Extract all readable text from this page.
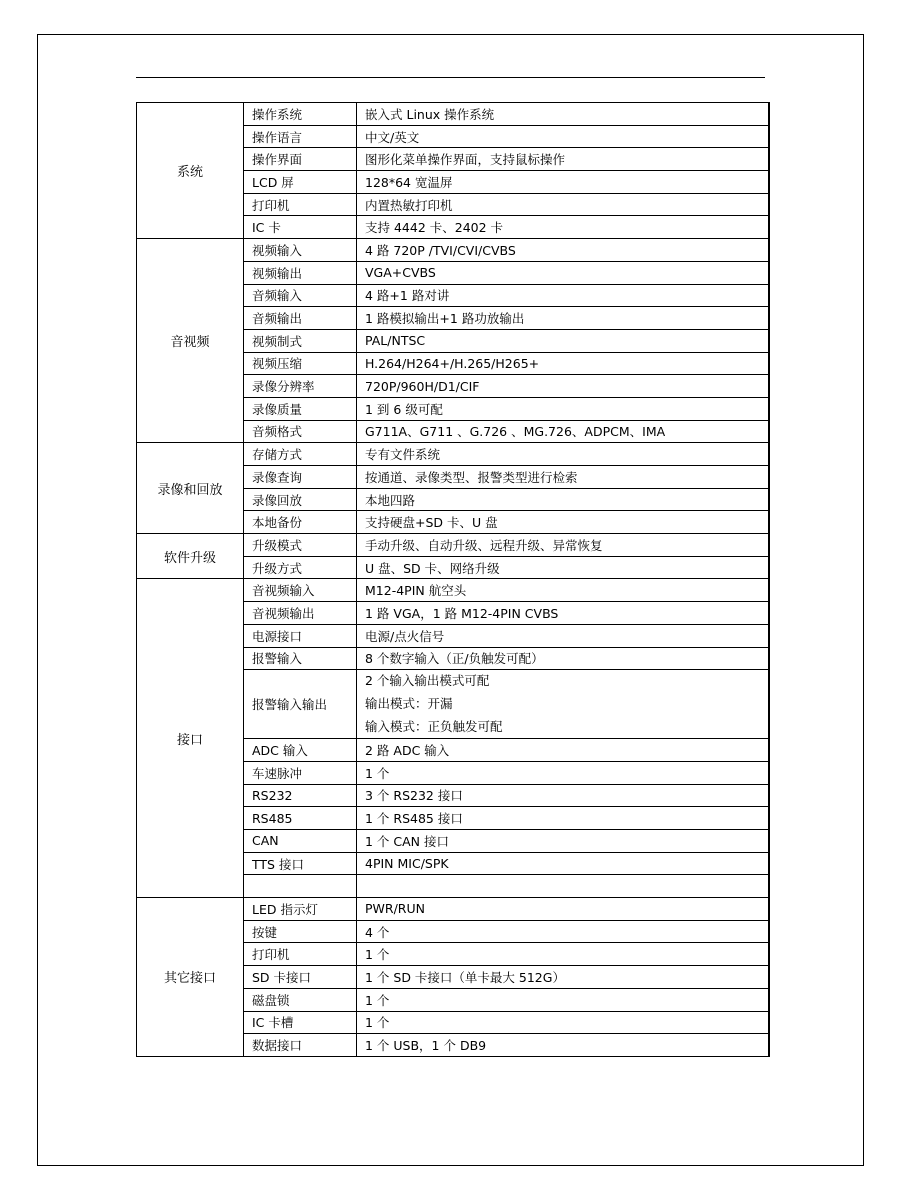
系统	操作系统	嵌入式 Linux 操作系统
	操作语言	中文/英文
	操作界面	图形化菜单操作界面，支持鼠标操作
	LCD 屏	128*64 宽温屏
	打印机	内置热敏打印机
	IC 卡	支持 4442 卡、2402 卡
音视频	视频输入	4 路 720P /TVI/CVI/CVBS
	视频输出	VGA+CVBS
	音频输入	4 路+1 路对讲
	音频输出	1 路模拟输出+1 路功放输出
	视频制式	PAL/NTSC
	视频压缩	H.264/H264+/H.265/H265+
	录像分辨率	720P/960H/D1/CIF
	录像质量	1 到 6 级可配
	音频格式	G711A、G711 、G.726 、MG.726、ADPCM、IMA
录像和回放	存储方式	专有文件系统
	录像查询	按通道、录像类型、报警类型进行检索
	录像回放	本地四路
	本地备份	支持硬盘+SD 卡、U 盘
软件升级	升级模式	手动升级、自动升级、远程升级、异常恢复
	升级方式	U 盘、SD 卡、网络升级
接口	音视频输入	M12-4PIN 航空头
	音视频输出	1 路 VGA，1 路 M12-4PIN CVBS
	电源接口	电源/点火信号
	报警输入	8 个数字输入（正/负触发可配）
	报警输入输出	2 个输入输出模式可配
输出模式：开漏
输入模式：正负触发可配

	ADC 输入	2 路 ADC 输入
	车速脉冲	1 个
	RS232	3 个 RS232 接口
	RS485	1 个 RS485 接口
	CAN	1 个 CAN 接口
	TTS 接口	4PIN MIC/SPK

其它接口	LED 指示灯	PWR/RUN
	按键	4 个
	打印机	1 个
	SD 卡接口	1 个 SD 卡接口（单卡最大 512G）
	磁盘锁	1 个
	IC 卡槽	1 个
	数据接口	1 个 USB，1 个 DB9
